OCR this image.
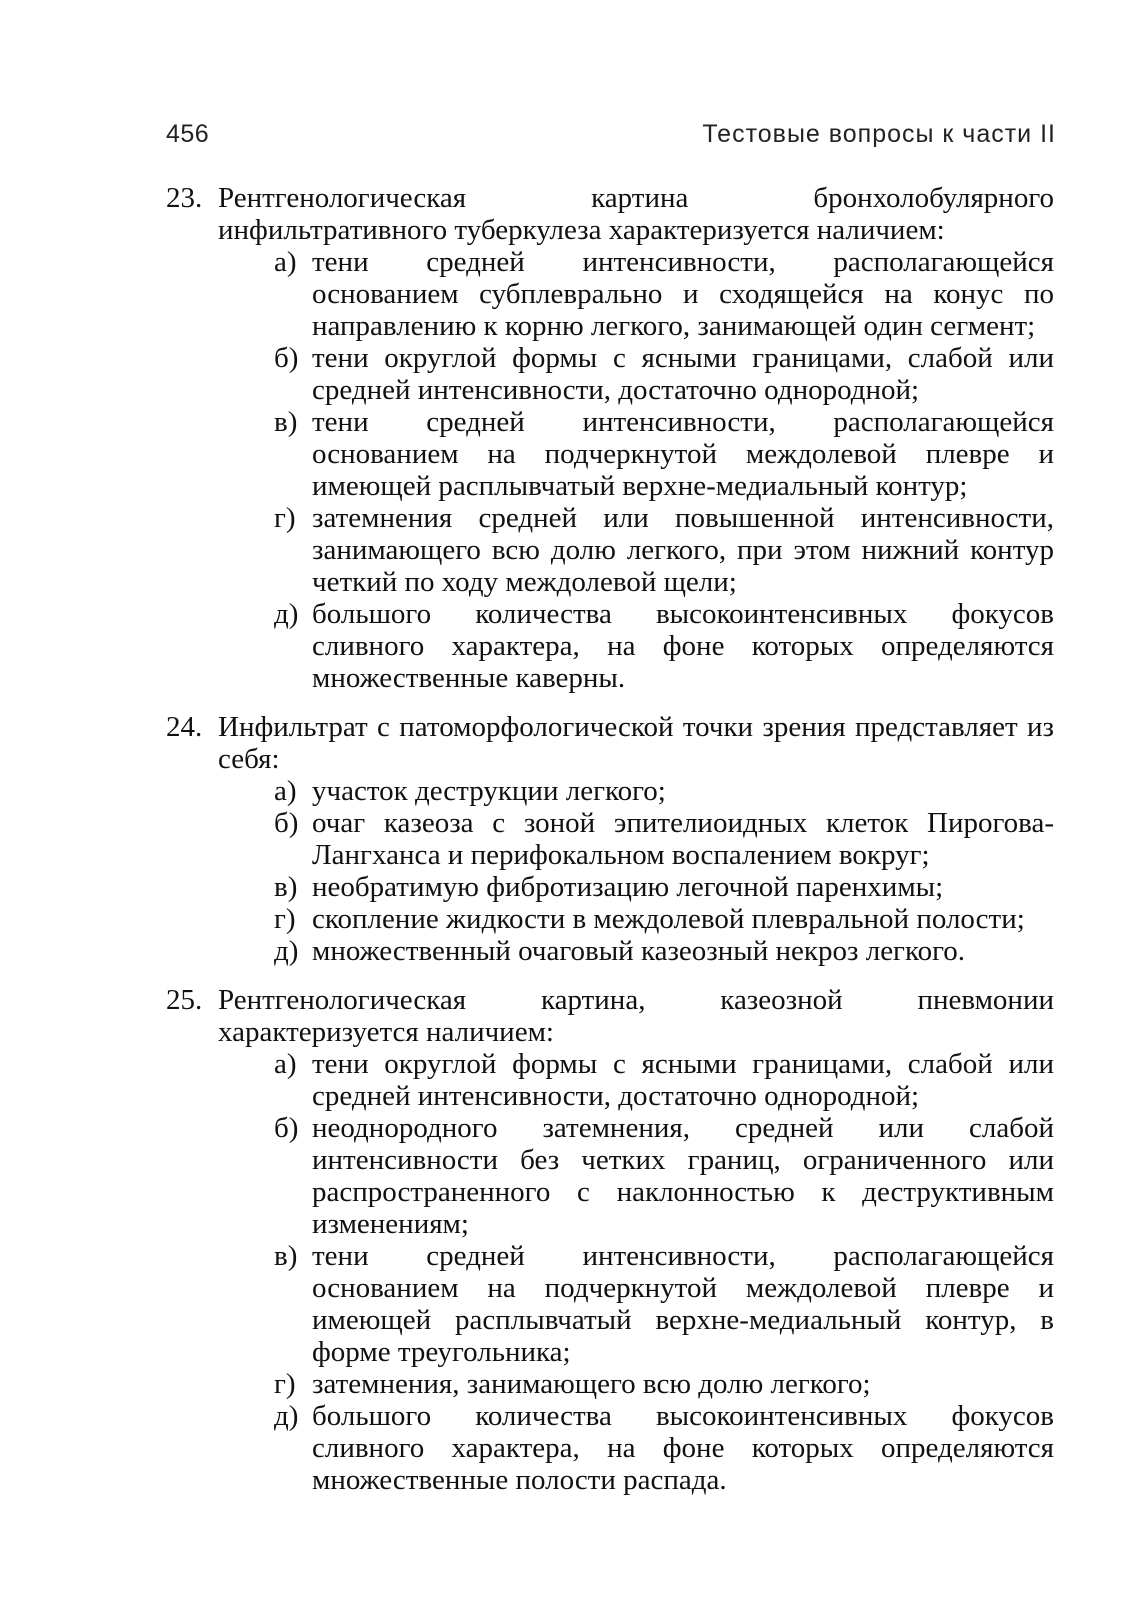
456	Тестовые вопросы к части II
23. Рентгенологическая картина бронхолобулярного инфильтративного туберкулеза характеризуется наличием:
а) тени средней интенсивности, располагающейся основанием субплеврально и сходящейся на конус по направлению к корню легкого, занимающей один сегмент;
б) тени округлой формы с ясными границами, слабой или средней интенсивности, достаточно однородной;
в) тени средней интенсивности, располагающейся основанием на подчеркнутой междолевой плевре и имеющей расплывчатый верхне-медиальный контур;
г) затемнения средней или повышенной интенсивности, занимающего всю долю легкого, при этом нижний контур четкий по ходу междолевой щели;
д) большого количества высокоинтенсивных фокусов сливного характера, на фоне которых определяются множественные каверны.
24. Инфильтрат с патоморфологической точки зрения представляет из себя:
а) участок деструкции легкого;
б) очаг казеоза с зоной эпителиоидных клеток Пирогова-Лангханса и перифокальном воспалением вокруг;
в) необратимую фибротизацию легочной паренхимы;
г) скопление жидкости в междолевой плевральной полости;
д) множественный очаговый казеозный некроз легкого.
25. Рентгенологическая картина, казеозной пневмонии характеризуется наличием:
а) тени округлой формы с ясными границами, слабой или средней интенсивности, достаточно однородной;
б) неоднородного затемнения, средней или слабой интенсивности без четких границ, ограниченного или распространенного с наклонностью к деструктивным изменениям;
в) тени средней интенсивности, располагающейся основанием на подчеркнутой междолевой плевре и имеющей расплывчатый верхне-медиальный контур, в форме треугольника;
г) затемнения, занимающего всю долю легкого;
д) большого количества высокоинтенсивных фокусов сливного характера, на фоне которых определяются множественные полости распада.
